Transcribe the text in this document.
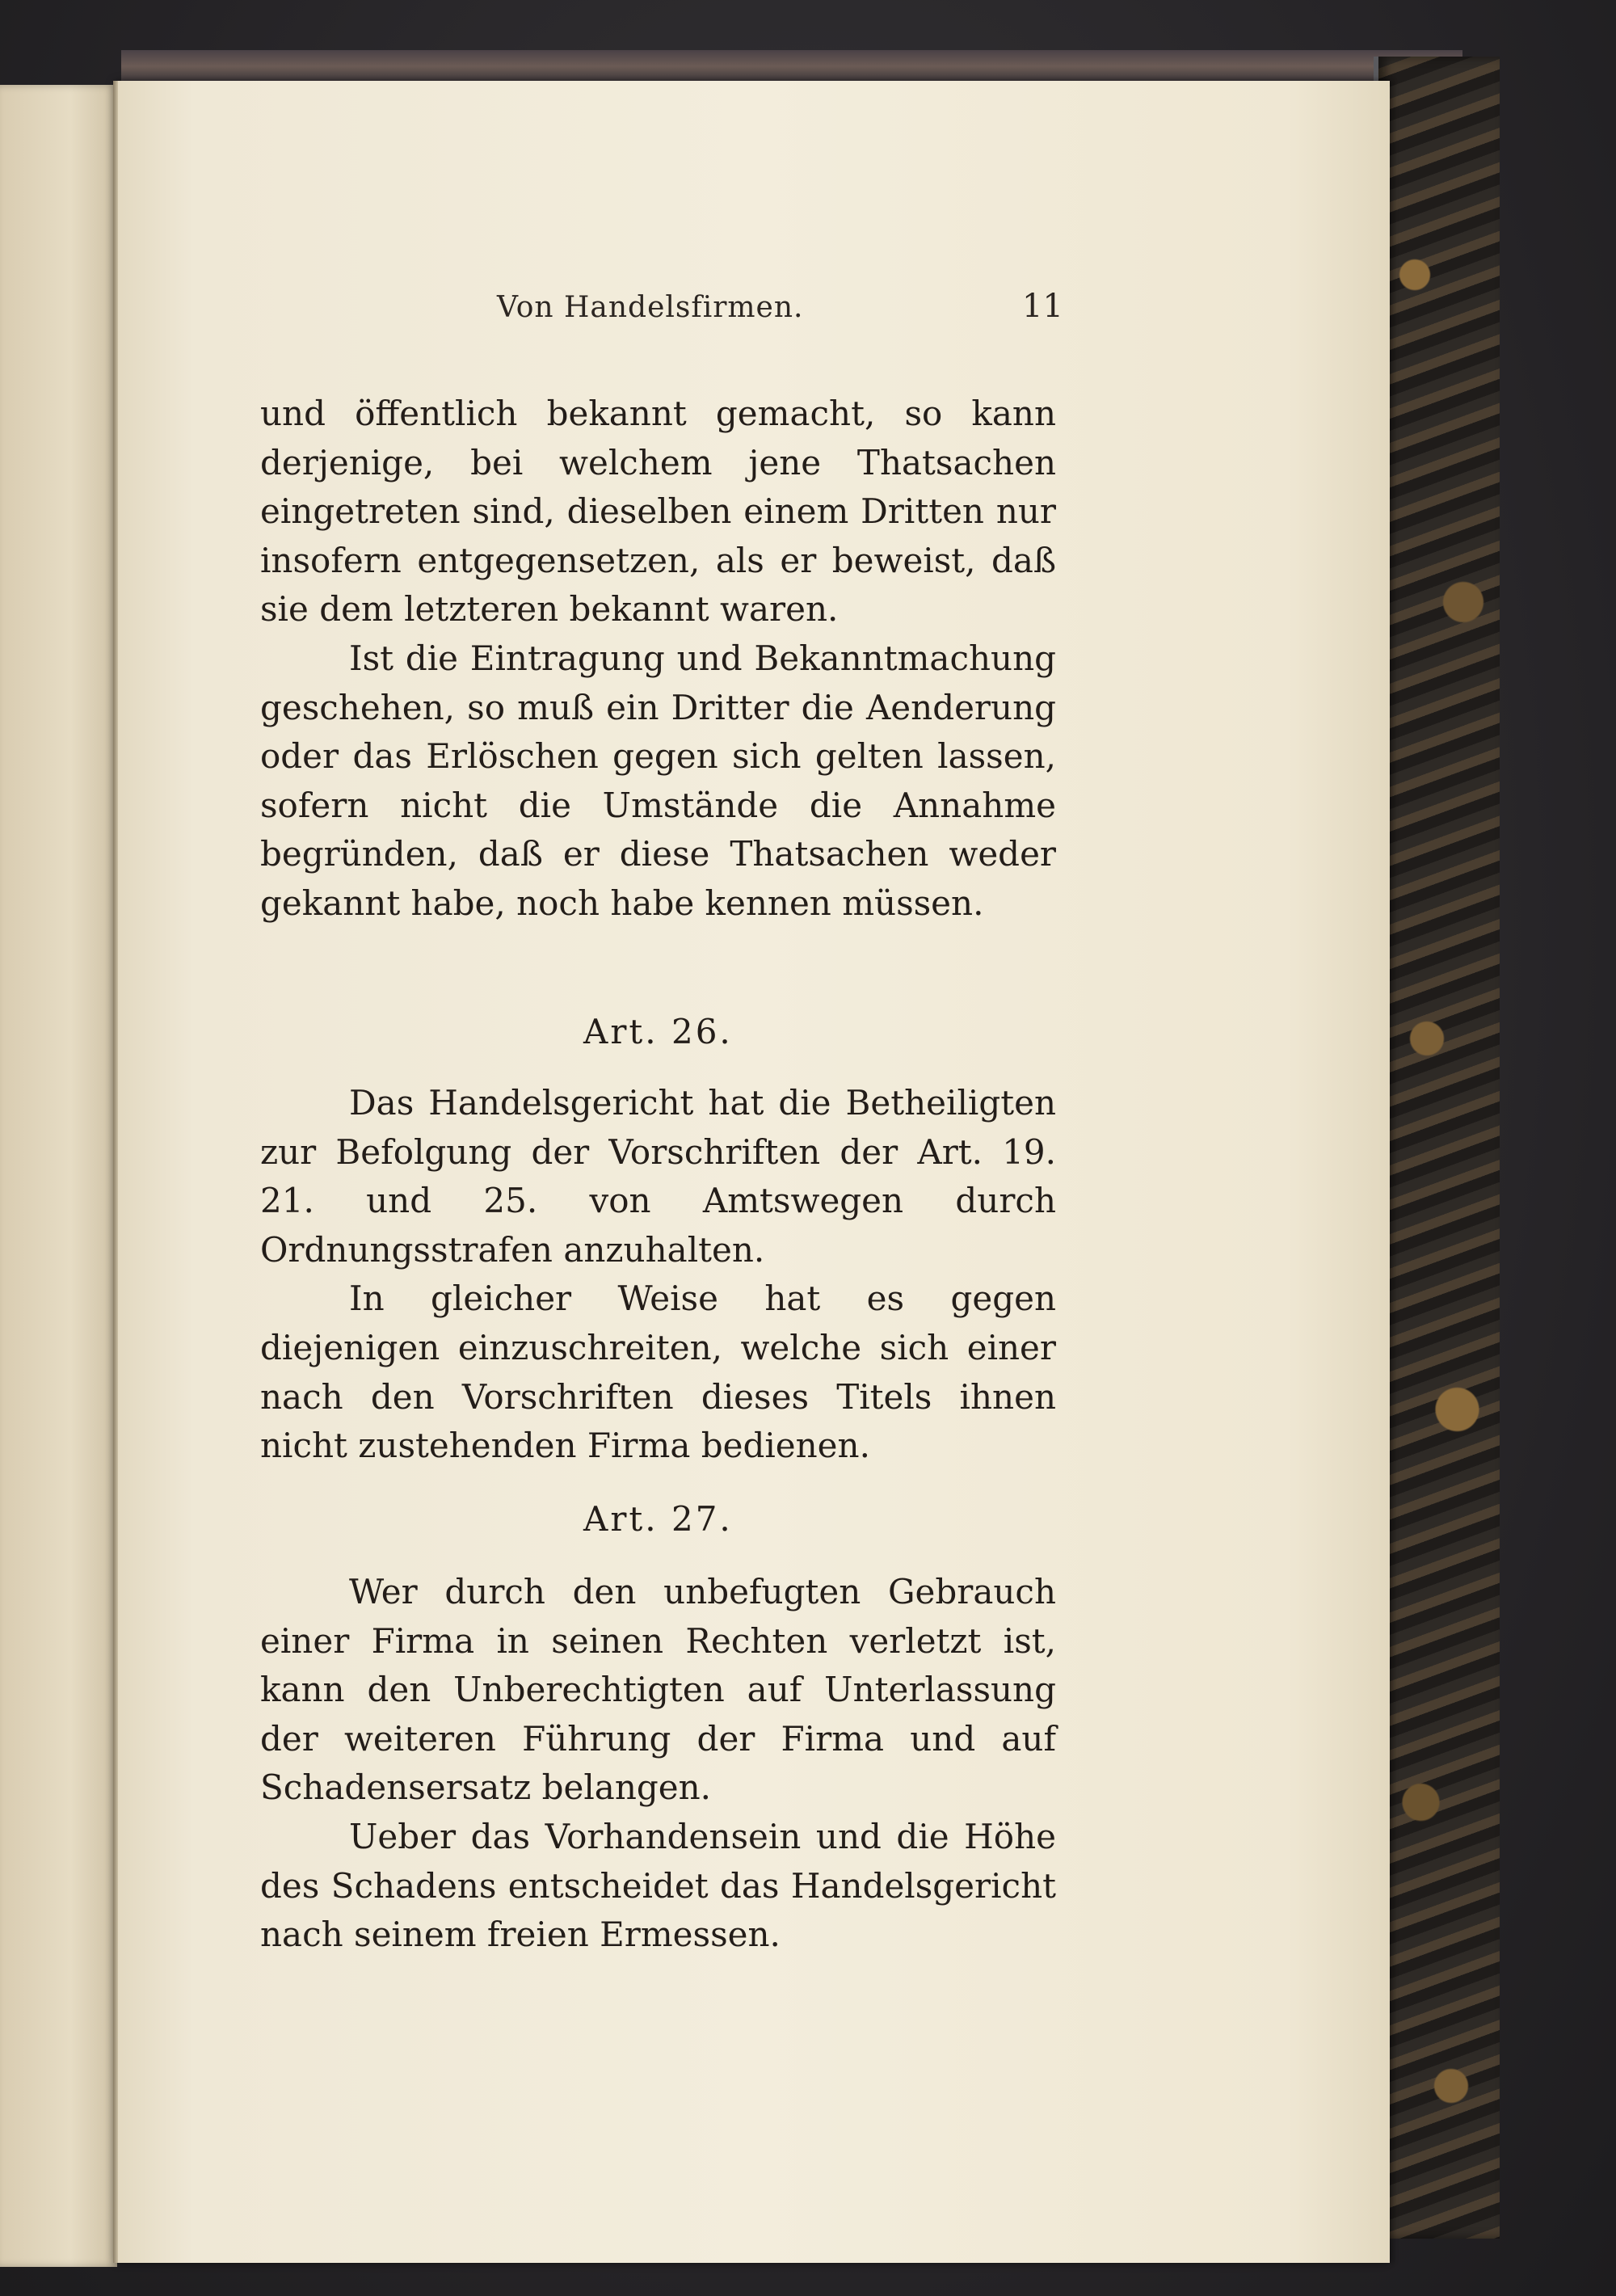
Von Handelsfirmen.	11

und öffentlich bekannt gemacht, so kann derjenige, bei welchem jene Thatsachen eingetreten sind, dieselben einem Dritten nur insofern entgegensetzen, als er beweist, daß sie dem letzteren bekannt waren.

Ist die Eintragung und Bekanntmachung geschehen, so muß ein Dritter die Aenderung oder das Erlöschen gegen sich gelten lassen, sofern nicht die Umstände die Annahme begründen, daß er diese Thatsachen weder gekannt habe, noch habe kennen müssen.

Art. 26.

Das Handelsgericht hat die Betheiligten zur Befolgung der Vorschriften der Art. 19. 21. und 25. von Amtswegen durch Ordnungsstrafen anzuhalten.

In gleicher Weise hat es gegen diejenigen einzuschreiten, welche sich einer nach den Vorschriften dieses Titels ihnen nicht zustehenden Firma bedienen.

Art. 27.

Wer durch den unbefugten Gebrauch einer Firma in seinen Rechten verletzt ist, kann den Unberechtigten auf Unterlassung der weiteren Führung der Firma und auf Schadensersatz belangen.

Ueber das Vorhandensein und die Höhe des Schadens entscheidet das Handelsgericht nach seinem freien Ermessen.
